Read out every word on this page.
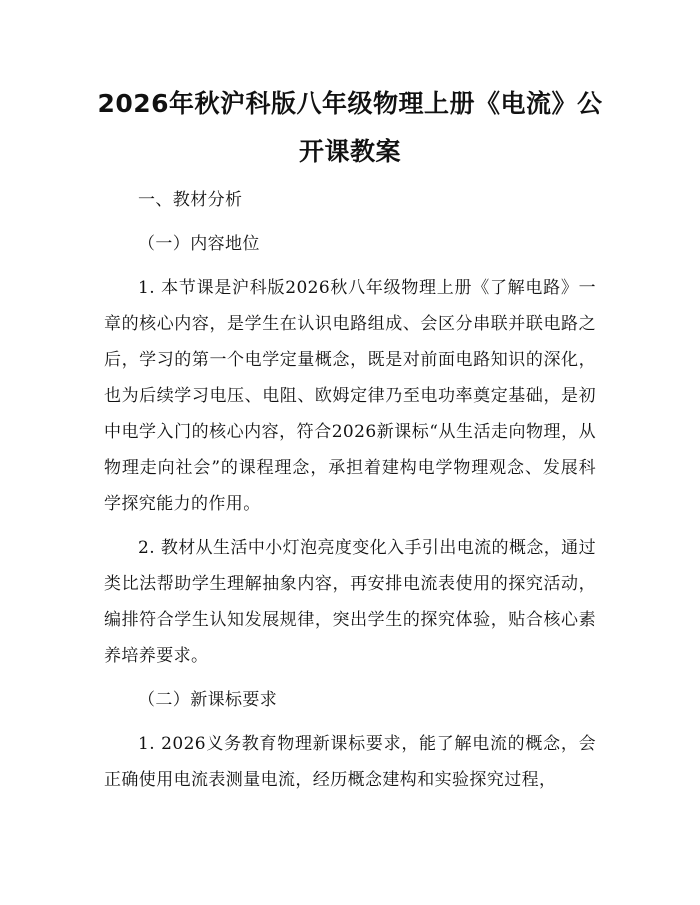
2026年秋沪科版八年级物理上册《电流》公
开课教案

一、教材分析

（一）内容地位

1. 本节课是沪科版2026秋八年级物理上册《了解电路》一章的核心内容，是学生在认识电路组成、会区分串联并联电路之后，学习的第一个电学定量概念，既是对前面电路知识的深化，也为后续学习电压、电阻、欧姆定律乃至电功率奠定基础，是初中电学入门的核心内容，符合2026新课标“从生活走向物理，从物理走向社会”的课程理念，承担着建构电学物理观念、发展科学探究能力的作用。

2. 教材从生活中小灯泡亮度变化入手引出电流的概念，通过类比法帮助学生理解抽象内容，再安排电流表使用的探究活动，编排符合学生认知发展规律，突出学生的探究体验，贴合核心素养培养要求。

（二）新课标要求

1. 2026义务教育物理新课标要求，能了解电流的概念，会正确使用电流表测量电流，经历概念建构和实验探究过程，
